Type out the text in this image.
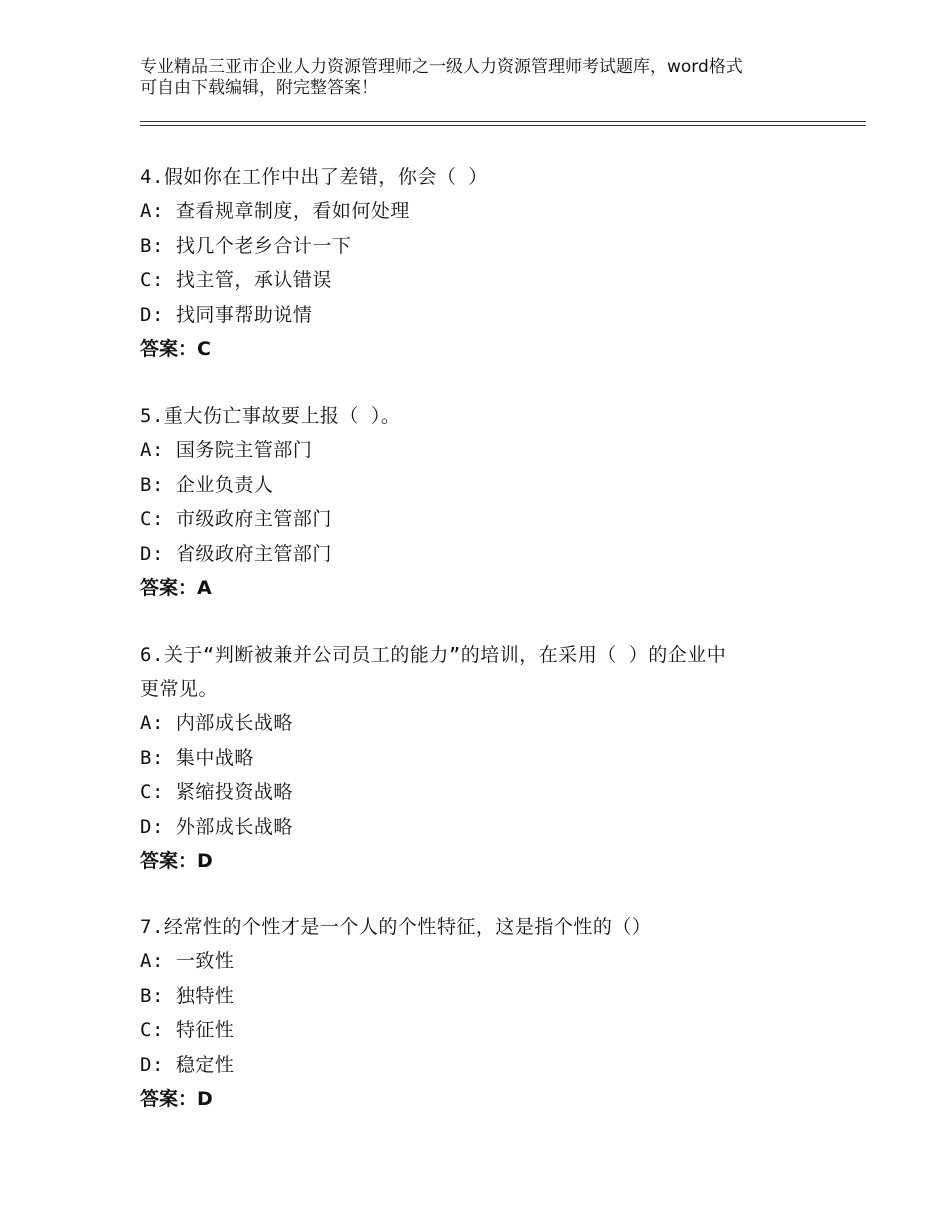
专业精品三亚市企业人力资源管理师之一级人力资源管理师考试题库，word格式
可自由下载编辑，附完整答案！
4.假如你在工作中出了差错，你会（ ）
A: 查看规章制度，看如何处理
B: 找几个老乡合计一下
C: 找主管，承认错误
D: 找同事帮助说情
答案：C
5.重大伤亡事故要上报（ ）。
A: 国务院主管部门
B: 企业负责人
C: 市级政府主管部门
D: 省级政府主管部门
答案：A
6.关于“判断被兼并公司员工的能力”的培训，在采用（ ）的企业中
更常见。
A: 内部成长战略
B: 集中战略
C: 紧缩投资战略
D: 外部成长战略
答案：D
7.经常性的个性才是一个人的个性特征，这是指个性的（）
A: 一致性
B: 独特性
C: 特征性
D: 稳定性
答案：D
